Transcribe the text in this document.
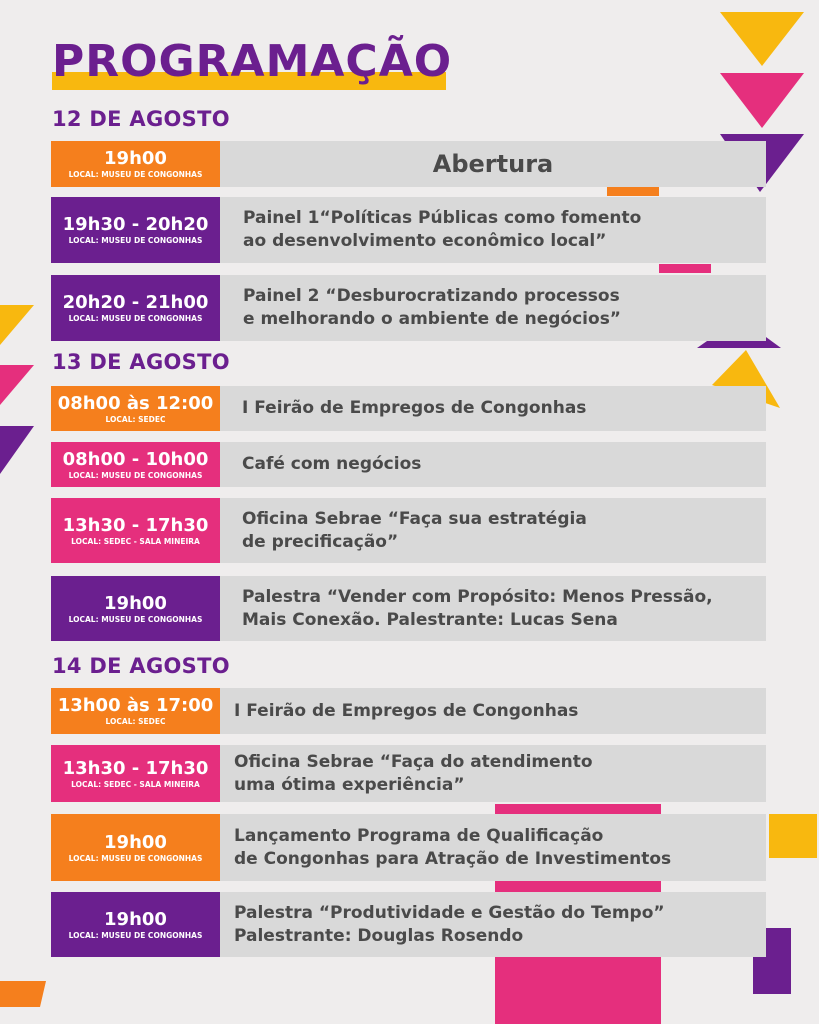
PROGRAMAÇÃO
12 DE AGOSTO
19h00
LOCAL: MUSEU DE CONGONHAS	Abertura
19h30 - 20h20
LOCAL: MUSEU DE CONGONHAS
Painel 1“Políticas Públicas como fomento
ao desenvolvimento econômico local”
20h20 - 21h00
LOCAL: MUSEU DE CONGONHAS
Painel 2 “Desburocratizando processos
e melhorando o ambiente de negócios”
13 DE AGOSTO
08h00 às 12:00
LOCAL: SEDEC
I Feirão de Empregos de Congonhas
08h00 - 10h00
LOCAL: MUSEU DE CONGONHAS
Café com negócios
13h30 - 17h30
LOCAL: SEDEC - SALA MINEIRA
Oficina Sebrae “Faça sua estratégia
de precificação”
19h00
LOCAL: MUSEU DE CONGONHAS
Palestra “Vender com Propósito: Menos Pressão,
Mais Conexão. Palestrante: Lucas Sena
14 DE AGOSTO
13h00 às 17:00
LOCAL: SEDEC
I Feirão de Empregos de Congonhas
13h30 - 17h30
LOCAL: SEDEC - SALA MINEIRA
Oficina Sebrae “Faça do atendimento
uma ótima experiência”
19h00
LOCAL: MUSEU DE CONGONHAS
Lançamento Programa de Qualificação
de Congonhas para Atração de Investimentos
19h00
LOCAL: MUSEU DE CONGONHAS
Palestra “Produtividade e Gestão do Tempo”
Palestrante: Douglas Rosendo
